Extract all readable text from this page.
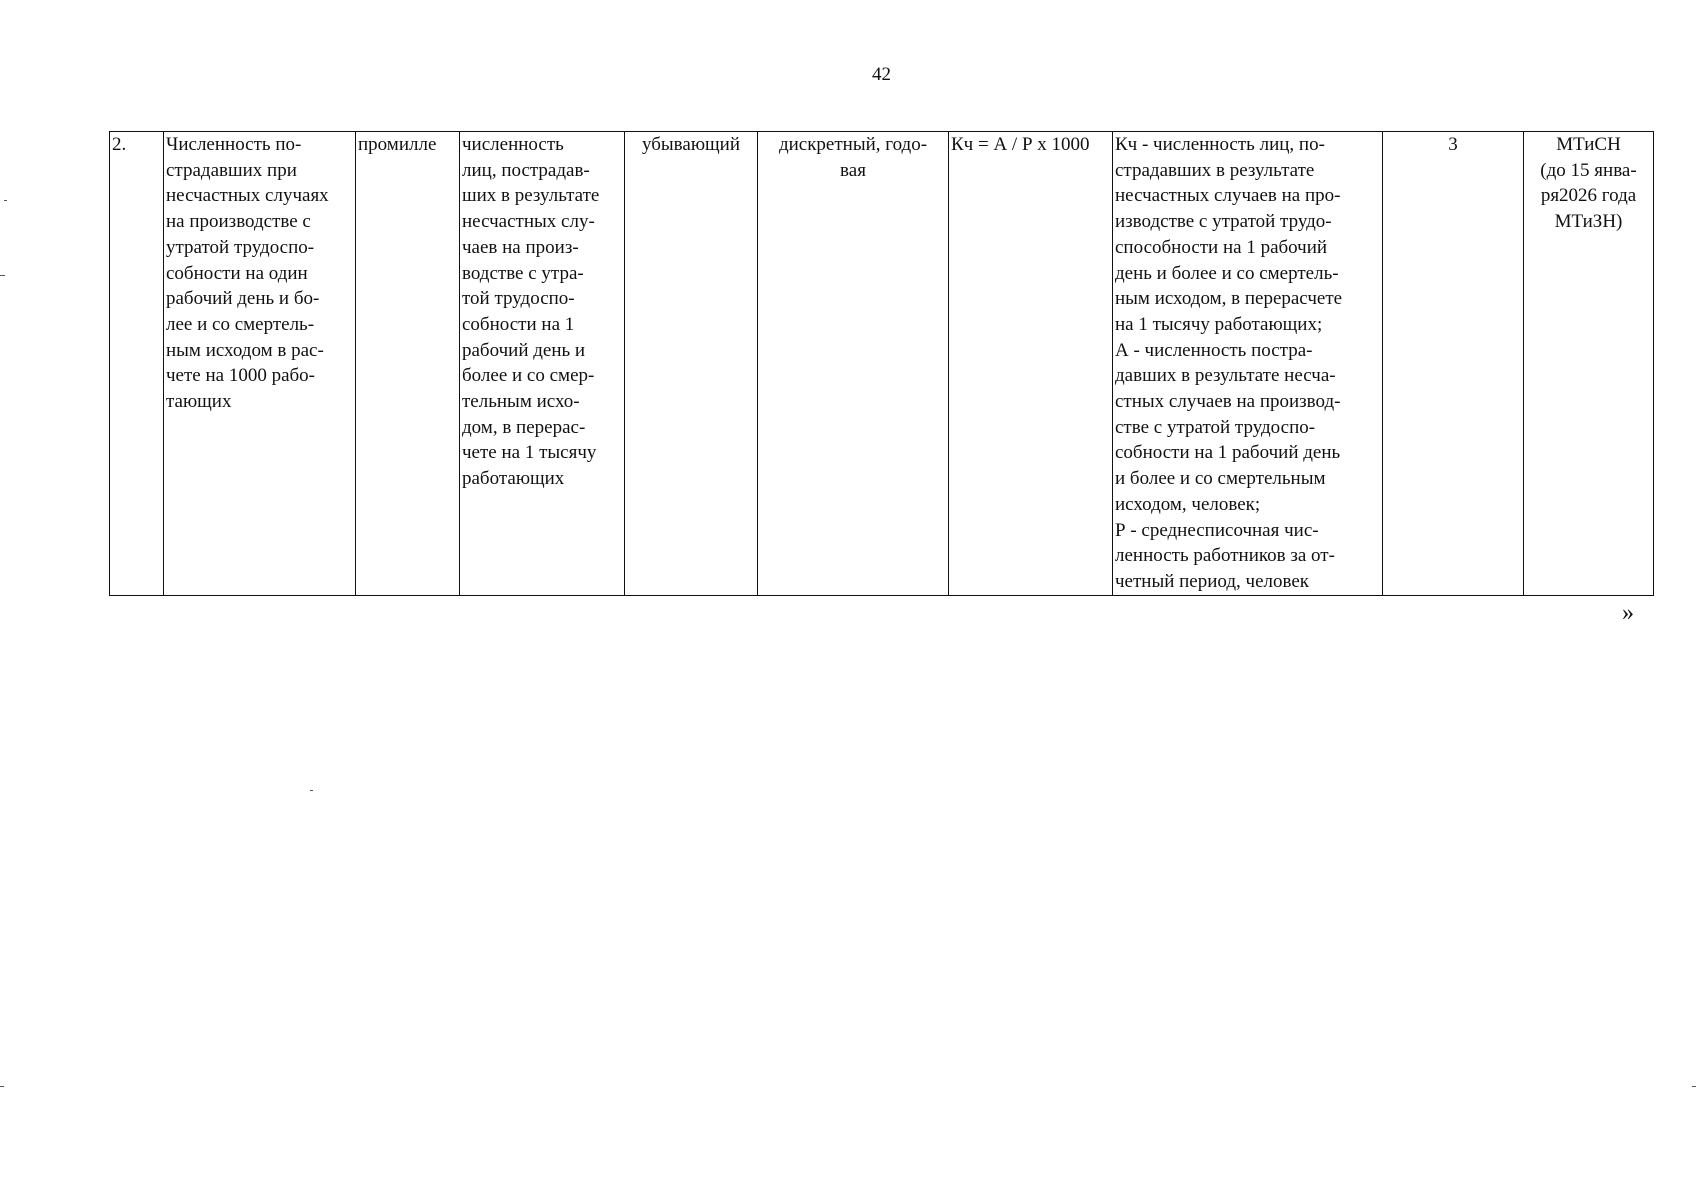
42
2.	Численность по-
страдавших при
несчастных случаях
на производстве с
утратой трудоспо-
собности на один
рабочий день и бо-
лее и со смертель-
ным исходом в рас-
чете на 1000 рабо-
тающих	промилле	численность
лиц, пострадав-
ших в результате
несчастных слу-
чаев на произ-
водстве с утра-
той трудоспо-
собности на 1
рабочий день и
более и со смер-
тельным исхо-
дом, в перерас-
чете на 1 тысячу
работающих	убывающий	дискретный, годо-
вая	Кч = А / Р х 1000	Кч - численность лиц, по-
страдавших в результате
несчастных случаев на про-
изводстве с утратой трудо-
способности на 1 рабочий
день и более и со смертель-
ным исходом, в перерасчете
на 1 тысячу работающих;
А - численность постра-
давших в результате несча-
стных случаев на производ-
стве с утратой трудоспо-
собности на 1 рабочий день
и более и со смертельным
исходом, человек;
Р - среднесписочная чис-
ленность работников за от-
четный период, человек	3	МТиСН
(до 15 янва-
ря2026 года
МТиЗН)
»
